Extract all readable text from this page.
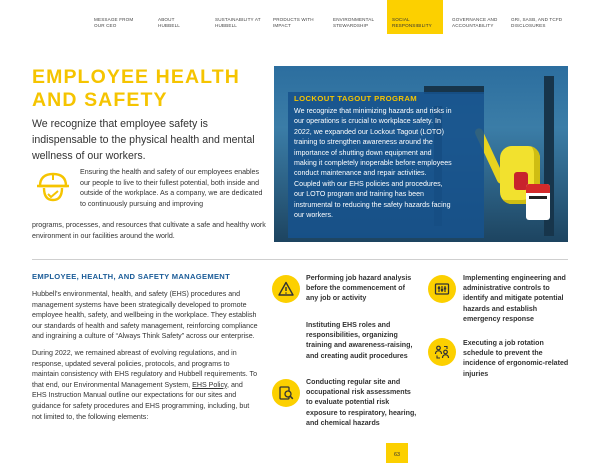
MESSAGE FROM
OUR CEO
ABOUT
HUBBELL
SUSTAINABILITY AT
HUBBELL
PRODUCTS WITH
IMPACT
ENVIRONMENTAL
STEWARDSHIP
SOCIAL
RESPONSIBILITY
GOVERNANCE AND
ACCOUNTABILITY
GRI, SASB, AND TCFD
DISCLOSURES
EMPLOYEE HEALTH
AND SAFETY
We recognize that employee safety is indispensable to the physical health and mental wellness of our workers.
Ensuring the health and safety of our employees enables our people to live to their fullest potential, both inside and outside of the workplace. As a company, we are dedicated to continuously pursuing and improving
programs, processes, and resources that cultivate a safe and healthy work environment in our facilities around the world.
LOCKOUT TAGOUT PROGRAM
We recognize that minimizing hazards and risks in our operations is crucial to workplace safety. In 2022, we expanded our Lockout Tagout (LOTO) training to strengthen awareness around the importance of shutting down equipment and making it completely inoperable before employees conduct maintenance and repair activities. Coupled with our EHS policies and procedures, our LOTO program and training has been instrumental to reducing the safety hazards facing our workers.
EMPLOYEE, HEALTH, AND SAFETY MANAGEMENT
Hubbell’s environmental, health, and safety (EHS) procedures and management systems have been strategically developed to promote employee health, safety, and wellbeing in the workplace. They establish our standards of health and safety management, reinforcing compliance and ingraining a culture of “Always Think Safety” across our enterprise.
During 2022, we remained abreast of evolving regulations, and in response, updated several policies, protocols, and programs to maintain consistency with EHS regulatory and Hubbell requirements. To that end, our Environmental Management System, EHS Policy, and EHS Instruction Manual outline our expectations for our sites and guidance for safety procedures and EHS programming, including, but not limited to, the following elements:
Performing job hazard analysis before the commencement of any job or activity
Instituting EHS roles and responsibilities, organizing training and awareness-raising, and creating audit procedures
Conducting regular site and occupational risk assessments to evaluate potential risk exposure to respiratory, hearing, and chemical hazards
Implementing engineering and administrative controls to identify and mitigate potential hazards and establish emergency response
Executing a job rotation schedule to prevent the incidence of ergonomic-related injuries
63
